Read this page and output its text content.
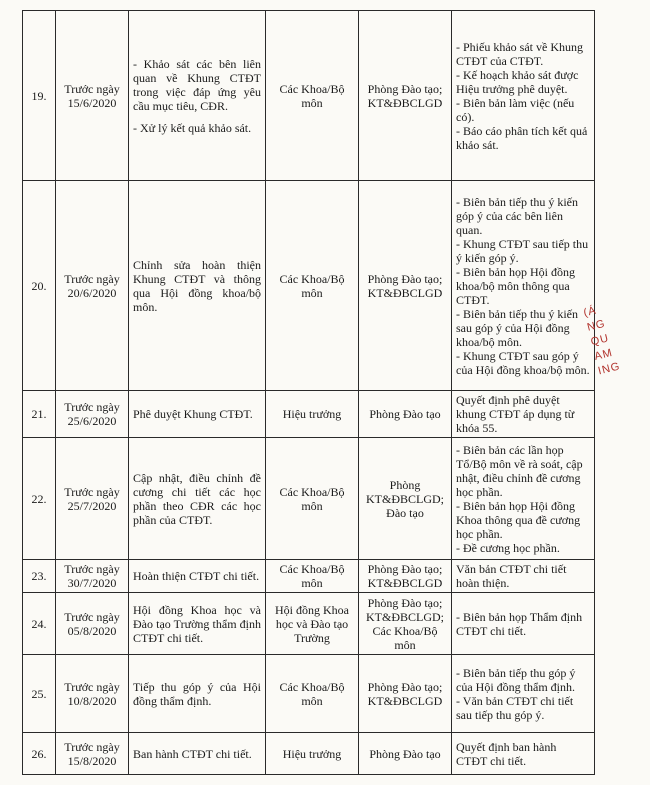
19.	Trước ngày
15/6/2020	- Khảo sát các bên liên quan về Khung CTĐT trong việc đáp ứng yêu cầu mục tiêu, CĐR.
- Xử lý kết quả khảo sát.	Các Khoa/Bộ môn	Phòng Đào tạo; KT&ĐBCLGD	- Phiếu khảo sát về Khung CTĐT của CTĐT.
- Kế hoạch khảo sát được Hiệu trưởng phê duyệt.
- Biên bản làm việc (nếu có).
- Báo cáo phân tích kết quả khảo sát.

20.	Trước ngày
20/6/2020	Chỉnh sửa hoàn thiện Khung CTĐT và thông qua Hội đồng khoa/bộ môn.	Các Khoa/Bộ môn	Phòng Đào tạo; KT&ĐBCLGD	- Biên bản tiếp thu ý kiến góp ý của các bên liên quan.
- Khung CTĐT sau tiếp thu ý kiến góp ý.
- Biên bản họp Hội đồng khoa/bộ môn thông qua CTĐT.
- Biên bản tiếp thu ý kiến sau góp ý của Hội đồng khoa/bộ môn.
- Khung CTĐT sau góp ý của Hội đồng khoa/bộ môn.

21.	Trước ngày
25/6/2020	Phê duyệt Khung CTĐT.	Hiệu trưởng	Phòng Đào tạo	Quyết định phê duyệt khung CTĐT áp dụng từ khóa 55.

22.	Trước ngày
25/7/2020	Cập nhật, điều chỉnh đề cương chi tiết các học phần theo CĐR các học phần của CTĐT.	Các Khoa/Bộ môn	Phòng KT&ĐBCLGD; Đào tạo	- Biên bản các lần họp Tổ/Bộ môn về rà soát, cập nhật, điều chỉnh đề cương học phần.
- Biên bản họp Hội đồng Khoa thông qua đề cương học phần.
- Đề cương học phần.

23.	Trước ngày
30/7/2020	Hoàn thiện CTĐT chi tiết.	Các Khoa/Bộ môn	Phòng Đào tạo; KT&ĐBCLGD	Văn bản CTĐT chi tiết hoàn thiện.

24.	Trước ngày
05/8/2020	Hội đồng Khoa học và Đào tạo Trường thẩm định CTĐT chi tiết.	Hội đồng Khoa học và Đào tạo Trường	Phòng Đào tạo; KT&ĐBCLGD; Các Khoa/Bộ môn	- Biên bản họp Thẩm định CTĐT chi tiết.

25.	Trước ngày
10/8/2020	Tiếp thu góp ý của Hội đồng thẩm định.	Các Khoa/Bộ môn	Phòng Đào tạo; KT&ĐBCLGD	- Biên bản tiếp thu góp ý của Hội đồng thẩm định.
- Văn bản CTĐT chi tiết sau tiếp thu góp ý.

26.	Trước ngày
15/8/2020	Ban hành CTĐT chi tiết.	Hiệu trưởng	Phòng Đào tạo	Quyết định ban hành CTĐT chi tiết.
(Á
NG
QU
AM
ING
